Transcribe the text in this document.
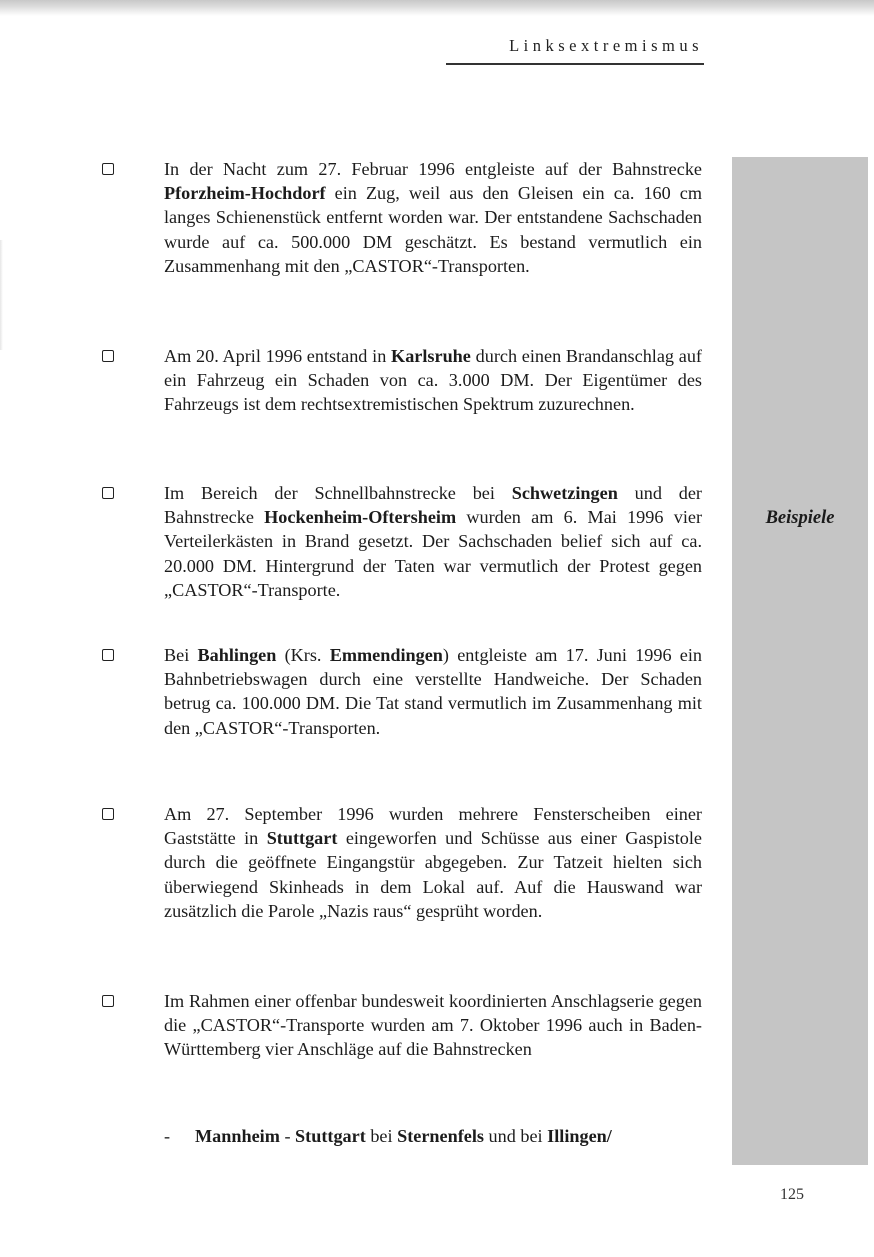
Linksextremismus
Beispiele
In der Nacht zum 27. Februar 1996 entgleiste auf der Bahnstrecke Pforzheim-Hochdorf ein Zug, weil aus den Gleisen ein ca. 160 cm langes Schienenstück entfernt worden war. Der entstandene Sachschaden wurde auf ca. 500.000 DM geschätzt. Es bestand vermutlich ein Zusammenhang mit den „CASTOR“-Transporten.
Am 20. April 1996 entstand in Karlsruhe durch einen Brandanschlag auf ein Fahrzeug ein Schaden von ca. 3.000 DM. Der Eigentümer des Fahrzeugs ist dem rechtsextremistischen Spektrum zuzurechnen.
Im Bereich der Schnellbahnstrecke bei Schwetzingen und der Bahnstrecke Hockenheim-Oftersheim wurden am 6. Mai 1996 vier Verteilerkästen in Brand gesetzt. Der Sachschaden belief sich auf ca. 20.000 DM. Hintergrund der Taten war vermutlich der Protest gegen „CASTOR“-Transporte.
Bei Bahlingen (Krs. Emmendingen) entgleiste am 17. Juni 1996 ein Bahnbetriebswagen durch eine verstellte Handweiche. Der Schaden betrug ca. 100.000 DM. Die Tat stand vermutlich im Zusammenhang mit den „CASTOR“-Transporten.
Am 27. September 1996 wurden mehrere Fensterscheiben einer Gaststätte in Stuttgart eingeworfen und Schüsse aus einer Gaspistole durch die geöffnete Eingangstür abgegeben. Zur Tatzeit hielten sich überwiegend Skinheads in dem Lokal auf. Auf die Hauswand war zusätzlich die Parole „Nazis raus“ gesprüht worden.
Im Rahmen einer offenbar bundesweit koordinierten Anschlagserie gegen die „CASTOR“-Transporte wurden am 7. Oktober 1996 auch in Baden-Württemberg vier Anschläge auf die Bahnstrecken
- Mannheim - Stuttgart bei Sternenfels und bei Illingen/
125
